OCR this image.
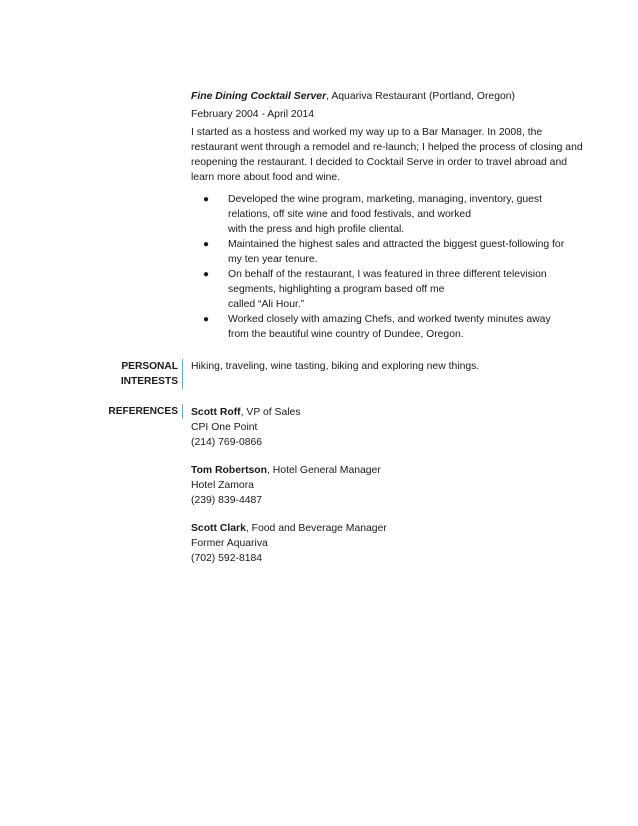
Fine Dining Cocktail Server, Aquariva Restaurant (Portland, Oregon)

February 2004 - April 2014

I started as a hostess and worked my way up to a Bar Manager. In 2008, the restaurant went through a remodel and re-launch; I helped the process of closing and reopening the restaurant. I decided to Cocktail Serve in order to travel abroad and learn more about food and wine.

● Developed the wine program, marketing, managing, inventory, guest
relations, off site wine and food festivals, and worked
with the press and high profile cliental.
● Maintained the highest sales and attracted the biggest guest-following for
my ten year tenure.
● On behalf of the restaurant, I was featured in three different television
segments, highlighting a program based off me
called “Ali Hour.”
● Worked closely with amazing Chefs, and worked twenty minutes away
from the beautiful wine country of Dundee, Oregon.
PERSONAL
INTERESTS
Hiking, traveling, wine tasting, biking and exploring new things.
REFERENCES Scott Roff, VP of Sales
CPI One Point
(214) 769-0866
Tom Robertson, Hotel General Manager
Hotel Zamora
(239) 839-4487
Scott Clark, Food and Beverage Manager
Former Aquariva
(702) 592-8184
